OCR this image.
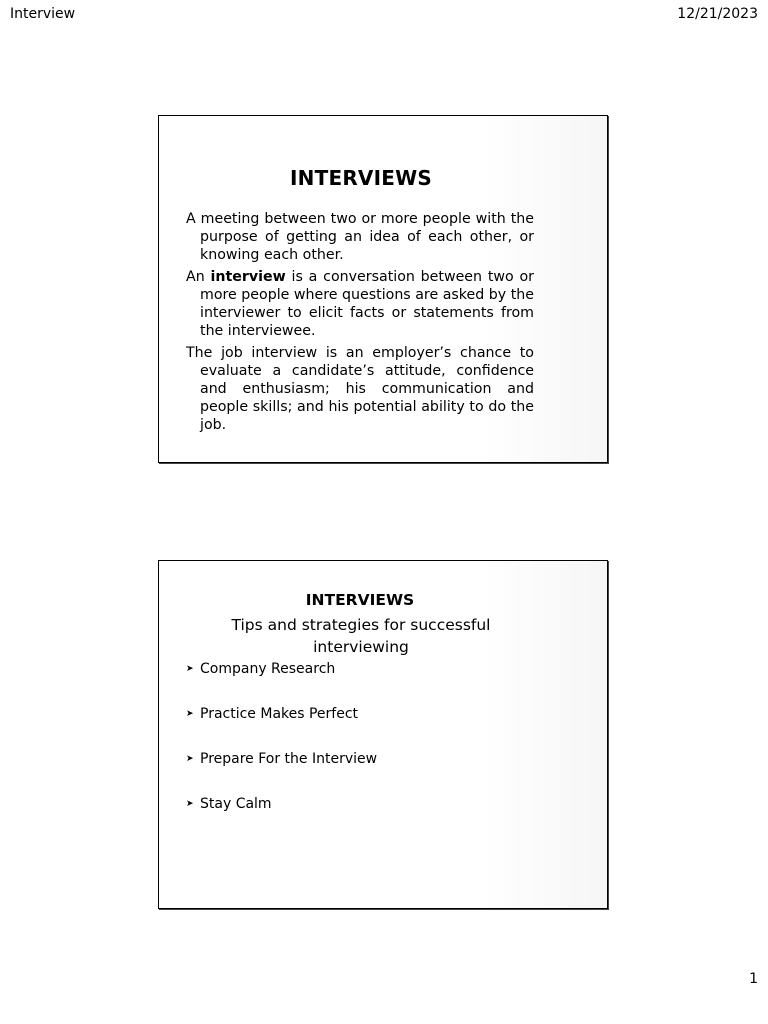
Interview	12/21/2023
INTERVIEWS

A meeting between two or more people with the purpose of getting an idea of each other, or knowing each other.

An interview is a conversation between two or more people where questions are asked by the interviewer to elicit facts or statements from the interviewee.

The job interview is an employer’s chance to evaluate a candidate’s attitude, confidence and enthusiasm; his communication and people skills; and his potential ability to do the job.

INTERVIEWS
Tips and strategies for successful interviewing
➤ Company Research
➤ Practice Makes Perfect
➤ Prepare For the Interview
➤ Stay Calm
1
